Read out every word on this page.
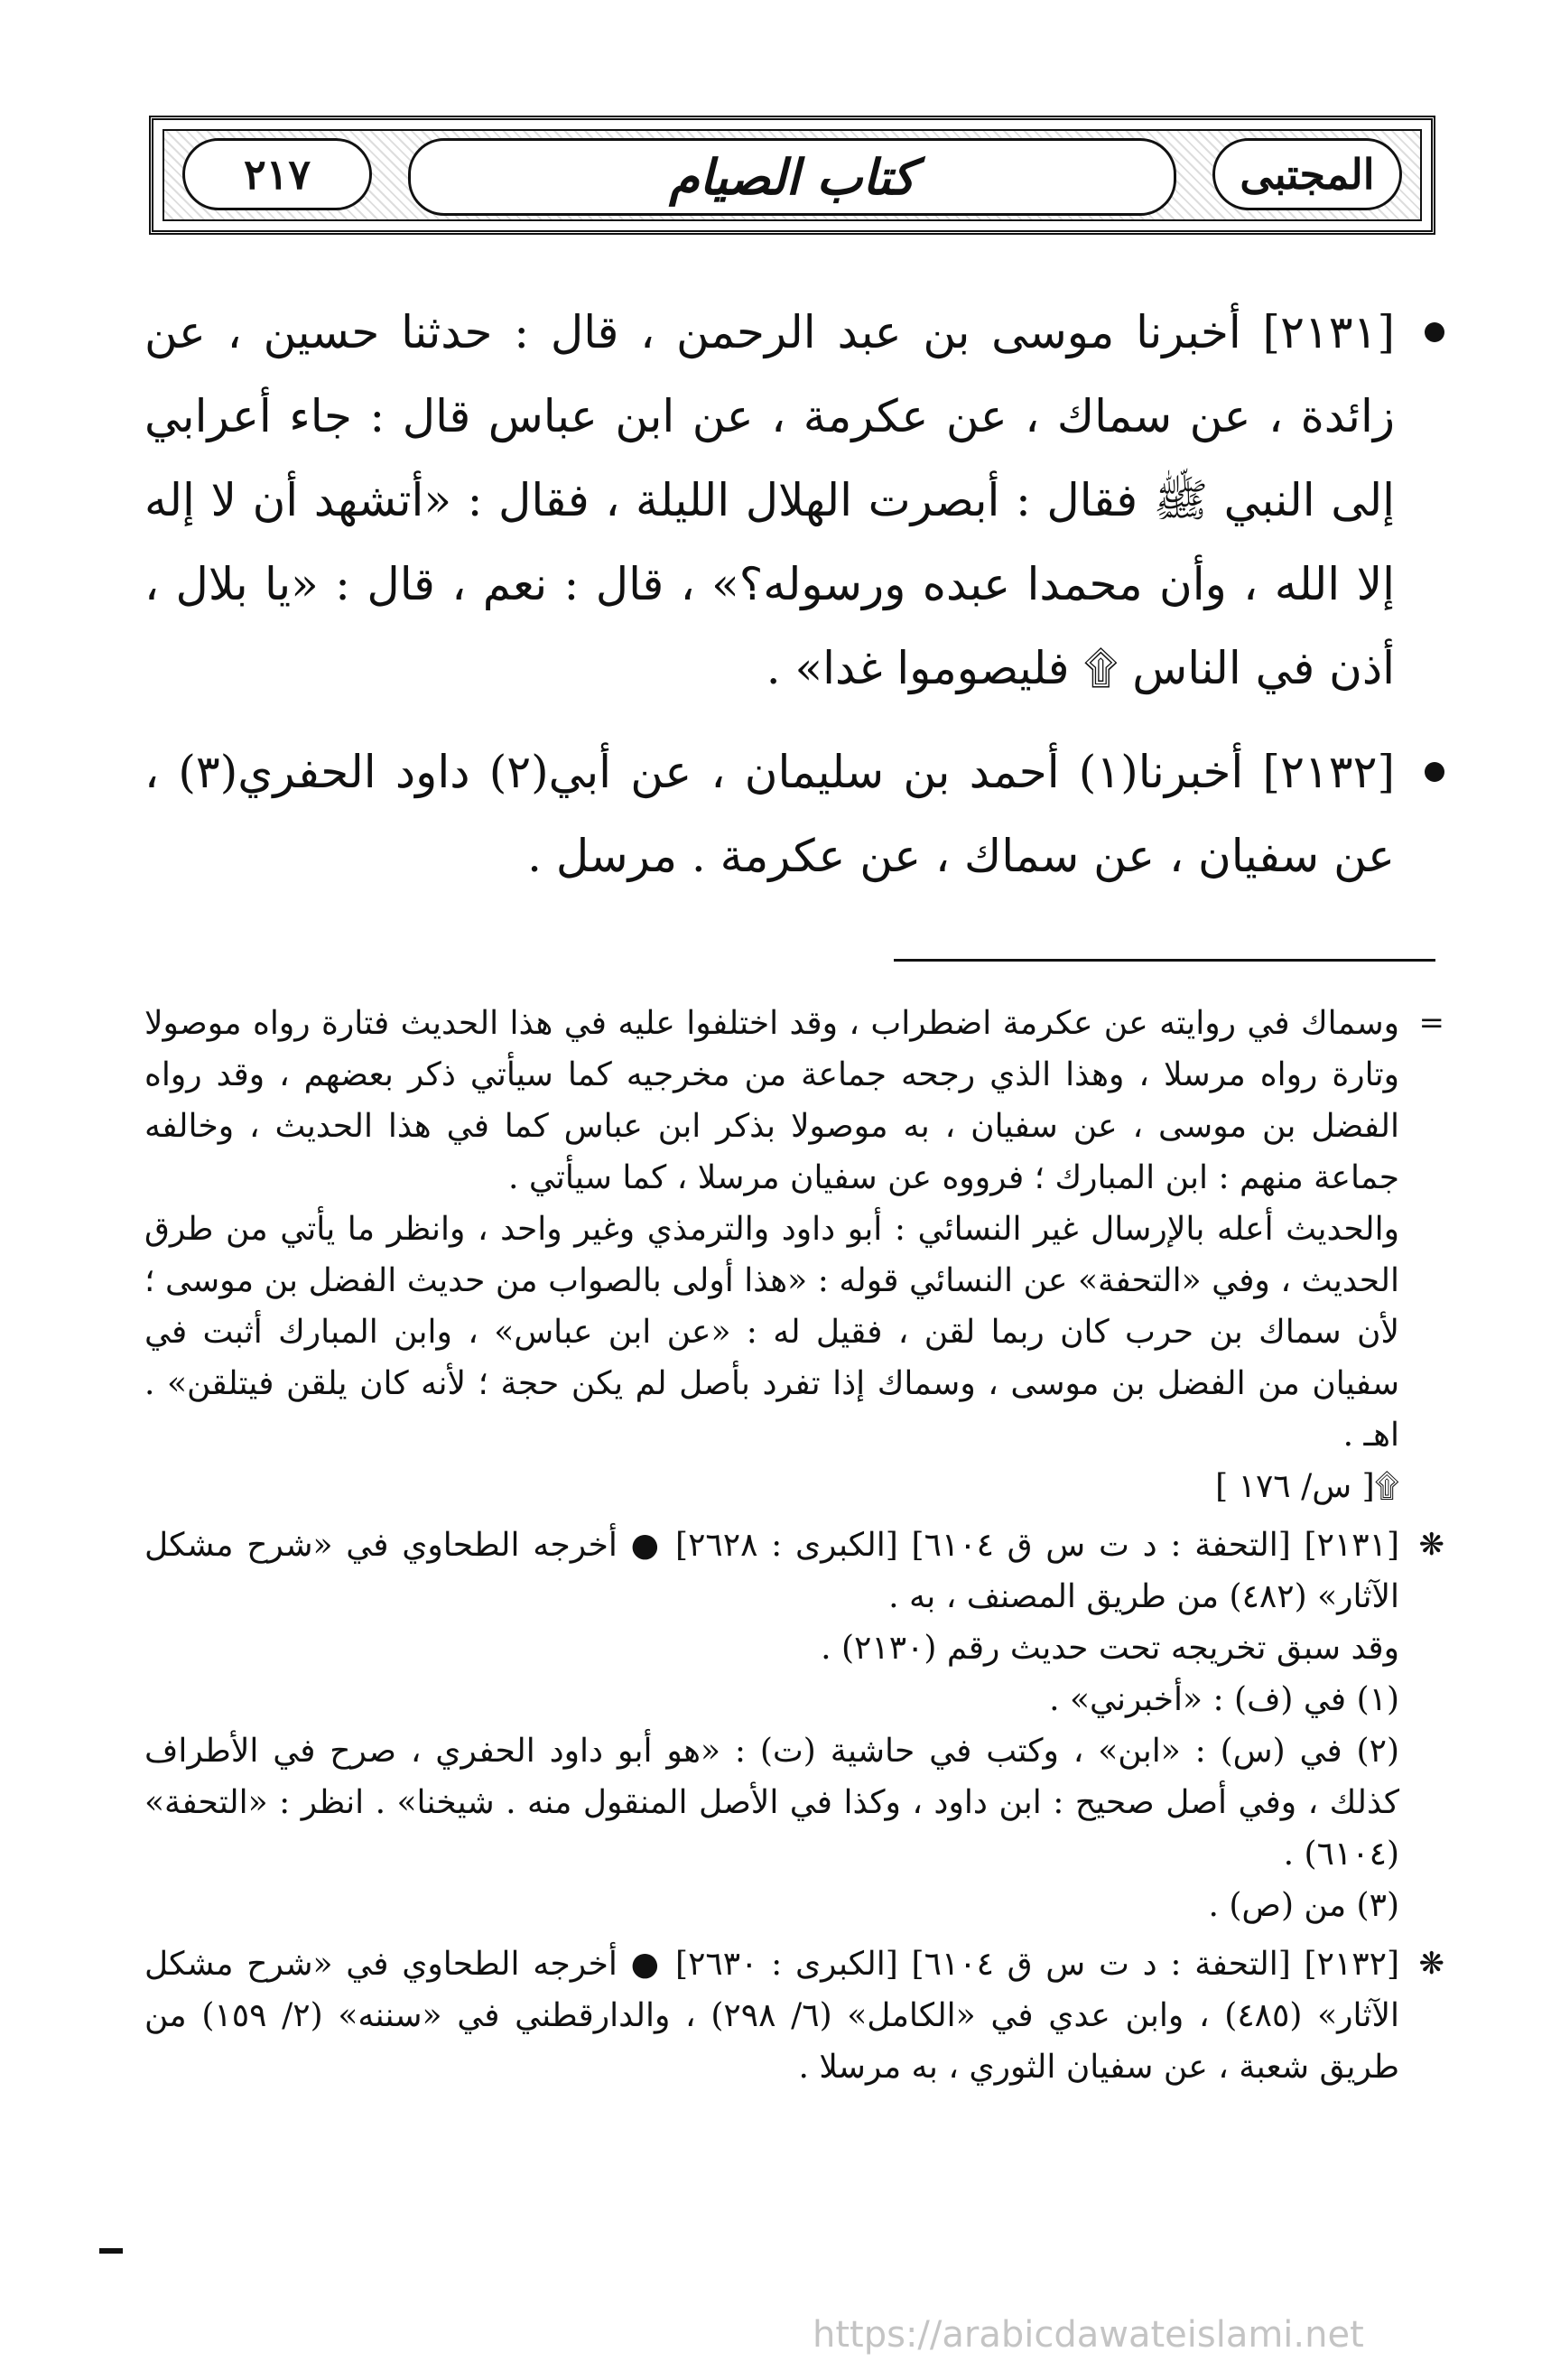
٢١٧	كتاب الصيام	المجتبى
[٢١٣١] أخبرنا موسى بن عبد الرحمن ، قال : حدثنا حسين ، عن زائدة ، عن سماك ، عن عكرمة ، عن ابن عباس قال : جاء أعرابي إلى النبي ﷺ فقال : أبصرت الهلال الليلة ، فقال : «أتشهد أن لا إله إلا الله ، وأن محمدا عبده ورسوله؟» ، قال : نعم ، قال : «يا بلال ، أذن في الناس ۩ فليصوموا غدا» .
[٢١٣٢] أخبرنا(١) أحمد بن سليمان ، عن أبي(٢) داود الحفري(٣) ، عن سفيان ، عن سماك ، عن عكرمة . مرسل .

=
وسماك في روايته عن عكرمة اضطراب ، وقد اختلفوا عليه في هذا الحديث فتارة رواه موصولا وتارة رواه مرسلا ، وهذا الذي رجحه جماعة من مخرجيه كما سيأتي ذكر بعضهم ، وقد رواه الفضل بن موسى ، عن سفيان ، به موصولا بذكر ابن عباس كما في هذا الحديث ، وخالفه جماعة منهم : ابن المبارك ؛ فرووه عن سفيان مرسلا ، كما سيأتي .

والحديث أعله بالإرسال غير النسائي : أبو داود والترمذي وغير واحد ، وانظر ما يأتي من طرق الحديث ، وفي «التحفة» عن النسائي قوله : «هذا أولى بالصواب من حديث الفضل بن موسى ؛ لأن سماك بن حرب كان ربما لقن ، فقيل له : «عن ابن عباس» ، وابن المبارك أثبت في سفيان من الفضل بن موسى ، وسماك إذا تفرد بأصل لم يكن حجة ؛ لأنه كان يلقن فيتلقن» . اهـ .

۩[ س/ ١٧٦ ]

❋
[٢١٣١] [التحفة : د ت س ق ٦١٠٤] [الكبرى : ٢٦٢٨] ● أخرجه الطحاوي في «شرح مشكل الآثار» (٤٨٢) من طريق المصنف ، به .

وقد سبق تخريجه تحت حديث رقم (٢١٣٠) .

(١) في (ف) : «أخبرني» .

(٢) في (س) : «ابن» ، وكتب في حاشية (ت) : «هو أبو داود الحفري ، صرح في الأطراف كذلك ، وفي أصل صحيح : ابن داود ، وكذا في الأصل المنقول منه . شيخنا» . انظر : «التحفة» (٦١٠٤) .

(٣) من (ص) .

❋
[٢١٣٢] [التحفة : د ت س ق ٦١٠٤] [الكبرى : ٢٦٣٠] ● أخرجه الطحاوي في «شرح مشكل الآثار» (٤٨٥) ، وابن عدي في «الكامل» (٦/ ٢٩٨) ، والدارقطني في «سننه» (٢/ ١٥٩) من طريق شعبة ، عن سفيان الثوري ، به مرسلا .

https://arabicdawateislami.net
